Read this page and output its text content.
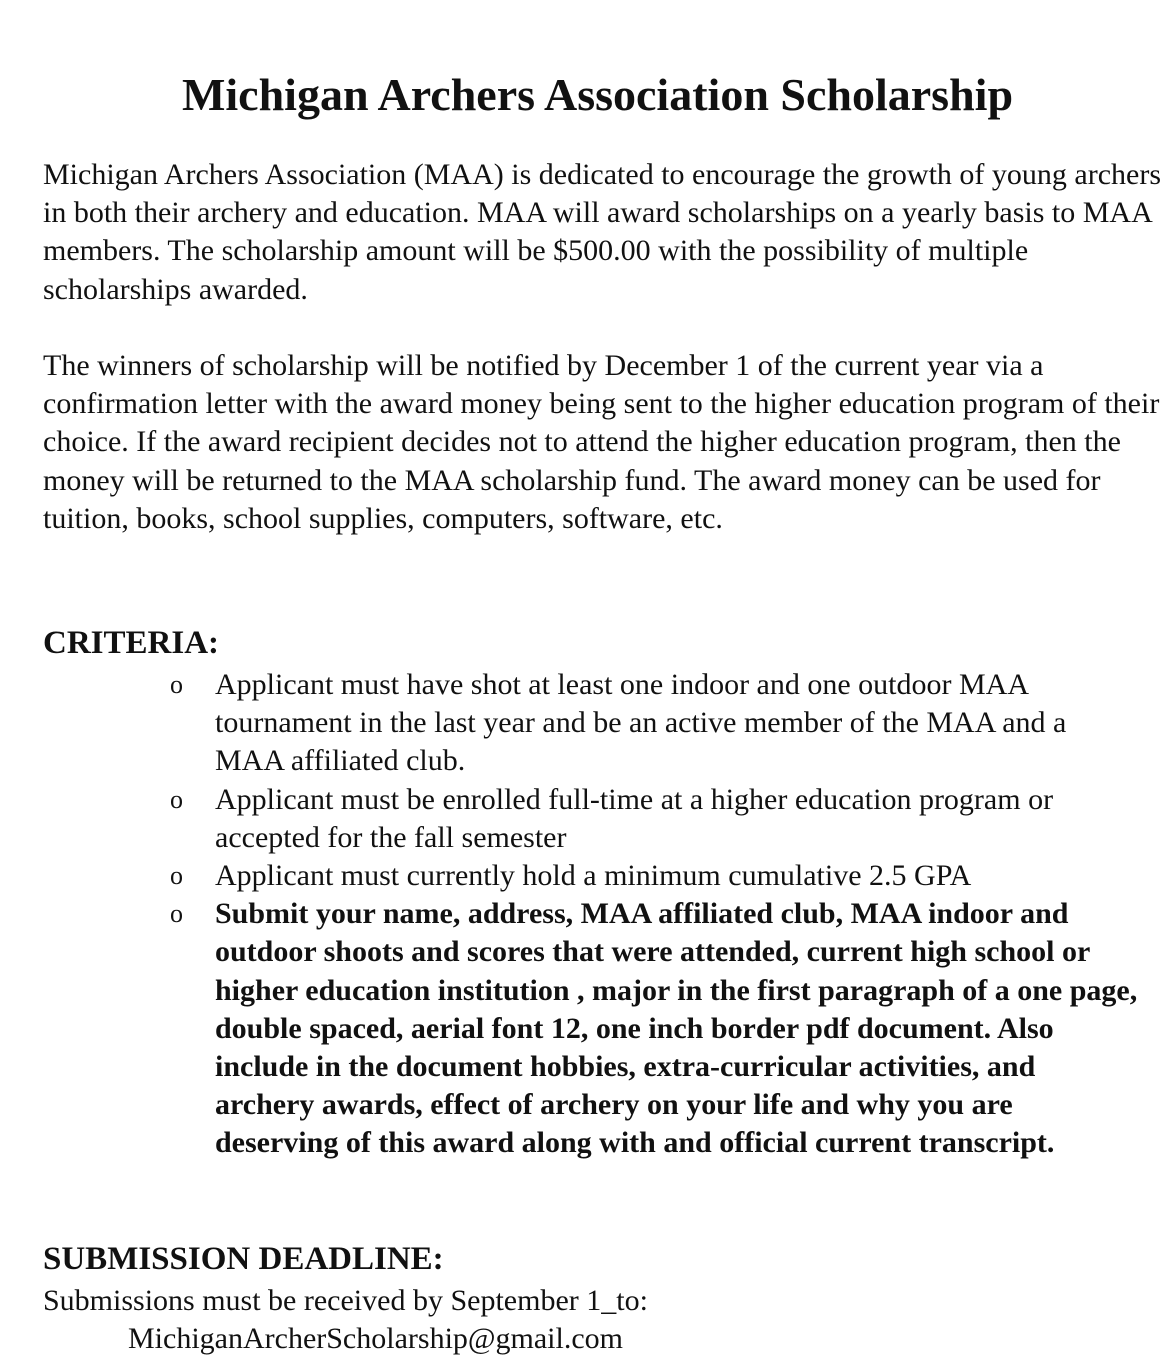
Michigan Archers Association Scholarship

Michigan Archers Association (MAA) is dedicated to encourage the growth of young archers in both their archery and education. MAA will award scholarships on a yearly basis to MAA members. The scholarship amount will be $500.00 with the possibility of multiple scholarships awarded.

The winners of scholarship will be notified by December 1 of the current year via a confirmation letter with the award money being sent to the higher education program of their choice. If the award recipient decides not to attend the higher education program, then the money will be returned to the MAA scholarship fund. The award money can be used for tuition, books, school supplies, computers, software, etc.

CRITERIA:
o Applicant must have shot at least one indoor and one outdoor MAA tournament in the last year and be an active member of the MAA and a MAA affiliated club.
o Applicant must be enrolled full-time at a higher education program or accepted for the fall semester
o Applicant must currently hold a minimum cumulative 2.5 GPA
o Submit your name, address, MAA affiliated club, MAA indoor and outdoor shoots and scores that were attended, current high school or higher education institution , major in the first paragraph of a one page, double spaced, aerial font 12, one inch border pdf document. Also include in the document hobbies, extra-curricular activities, and archery awards, effect of archery on your life and why you are deserving of this award along with and official current transcript.
SUBMISSION DEADLINE:

Submissions must be received by September 1_to:

MichiganArcherScholarship@gmail.com
